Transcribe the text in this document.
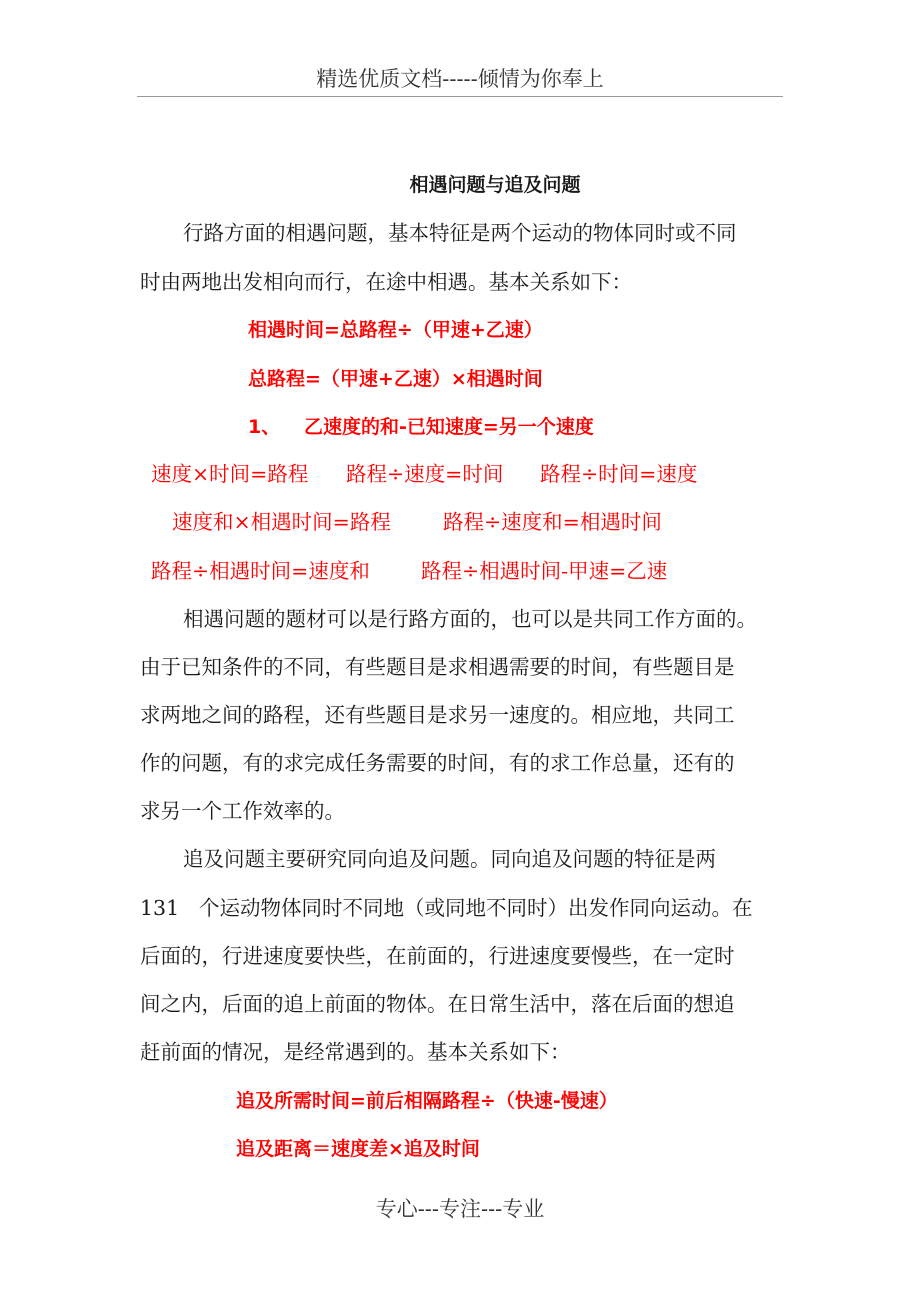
精选优质文档-----倾情为你奉上
相遇问题与追及问题
行路方面的相遇问题，基本特征是两个运动的物体同时或不同
时由两地出发相向而行，在途中相遇。基本关系如下：
相遇时间=总路程÷（甲速+乙速）
总路程=（甲速+乙速）×相遇时间
1、 乙速度的和-已知速度=另一个速度
速度×时间=路程 路程÷速度=时间 路程÷时间=速度
速度和×相遇时间=路程	路程÷速度和=相遇时间
路程÷相遇时间=速度和 路程÷相遇时间-甲速=乙速
相遇问题的题材可以是行路方面的，也可以是共同工作方面的。
由于已知条件的不同，有些题目是求相遇需要的时间，有些题目是
求两地之间的路程，还有些题目是求另一速度的。相应地，共同工
作的问题，有的求完成任务需要的时间，有的求工作总量，还有的
求另一个工作效率的。
追及问题主要研究同向追及问题。同向追及问题的特征是两
131 个运动物体同时不同地（或同地不同时）出发作同向运动。在
后面的，行进速度要快些，在前面的，行进速度要慢些，在一定时
间之内，后面的追上前面的物体。在日常生活中，落在后面的想追
赶前面的情况，是经常遇到的。基本关系如下：
追及所需时间=前后相隔路程÷（快速-慢速）
追及距离＝速度差×追及时间
专心---专注---专业
